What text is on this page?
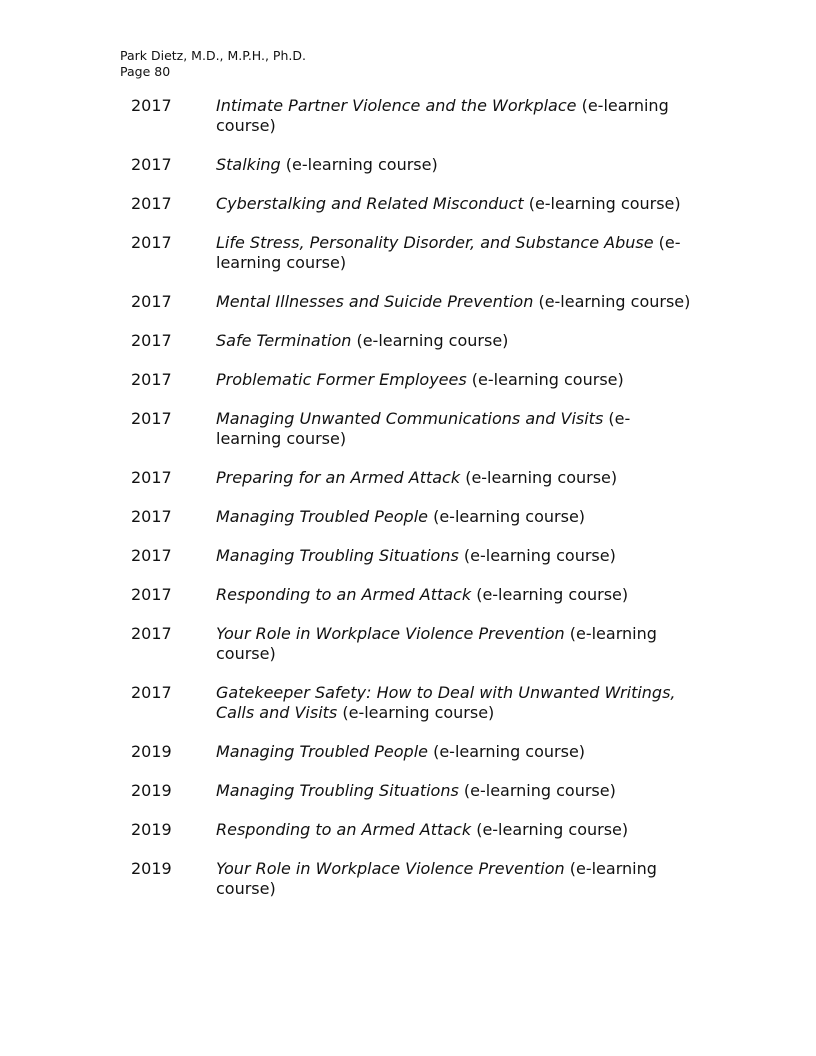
Park Dietz, M.D., M.P.H., Ph.D.
Page 80
2017	Intimate Partner Violence and the Workplace (e-learning course)
2017	Stalking (e-learning course)
2017	Cyberstalking and Related Misconduct (e-learning course)
2017	Life Stress, Personality Disorder, and Substance Abuse (e-learning course)
2017	Mental Illnesses and Suicide Prevention (e-learning course)
2017	Safe Termination (e-learning course)
2017	Problematic Former Employees (e-learning course)
2017	Managing Unwanted Communications and Visits (e-learning course)
2017	Preparing for an Armed Attack (e-learning course)
2017	Managing Troubled People (e-learning course)
2017	Managing Troubling Situations (e-learning course)
2017	Responding to an Armed Attack (e-learning course)
2017	Your Role in Workplace Violence Prevention (e-learning course)
2017	Gatekeeper Safety: How to Deal with Unwanted Writings, Calls and Visits (e-learning course)
2019	Managing Troubled People (e-learning course)
2019	Managing Troubling Situations (e-learning course)
2019	Responding to an Armed Attack (e-learning course)
2019	Your Role in Workplace Violence Prevention (e-learning course)
